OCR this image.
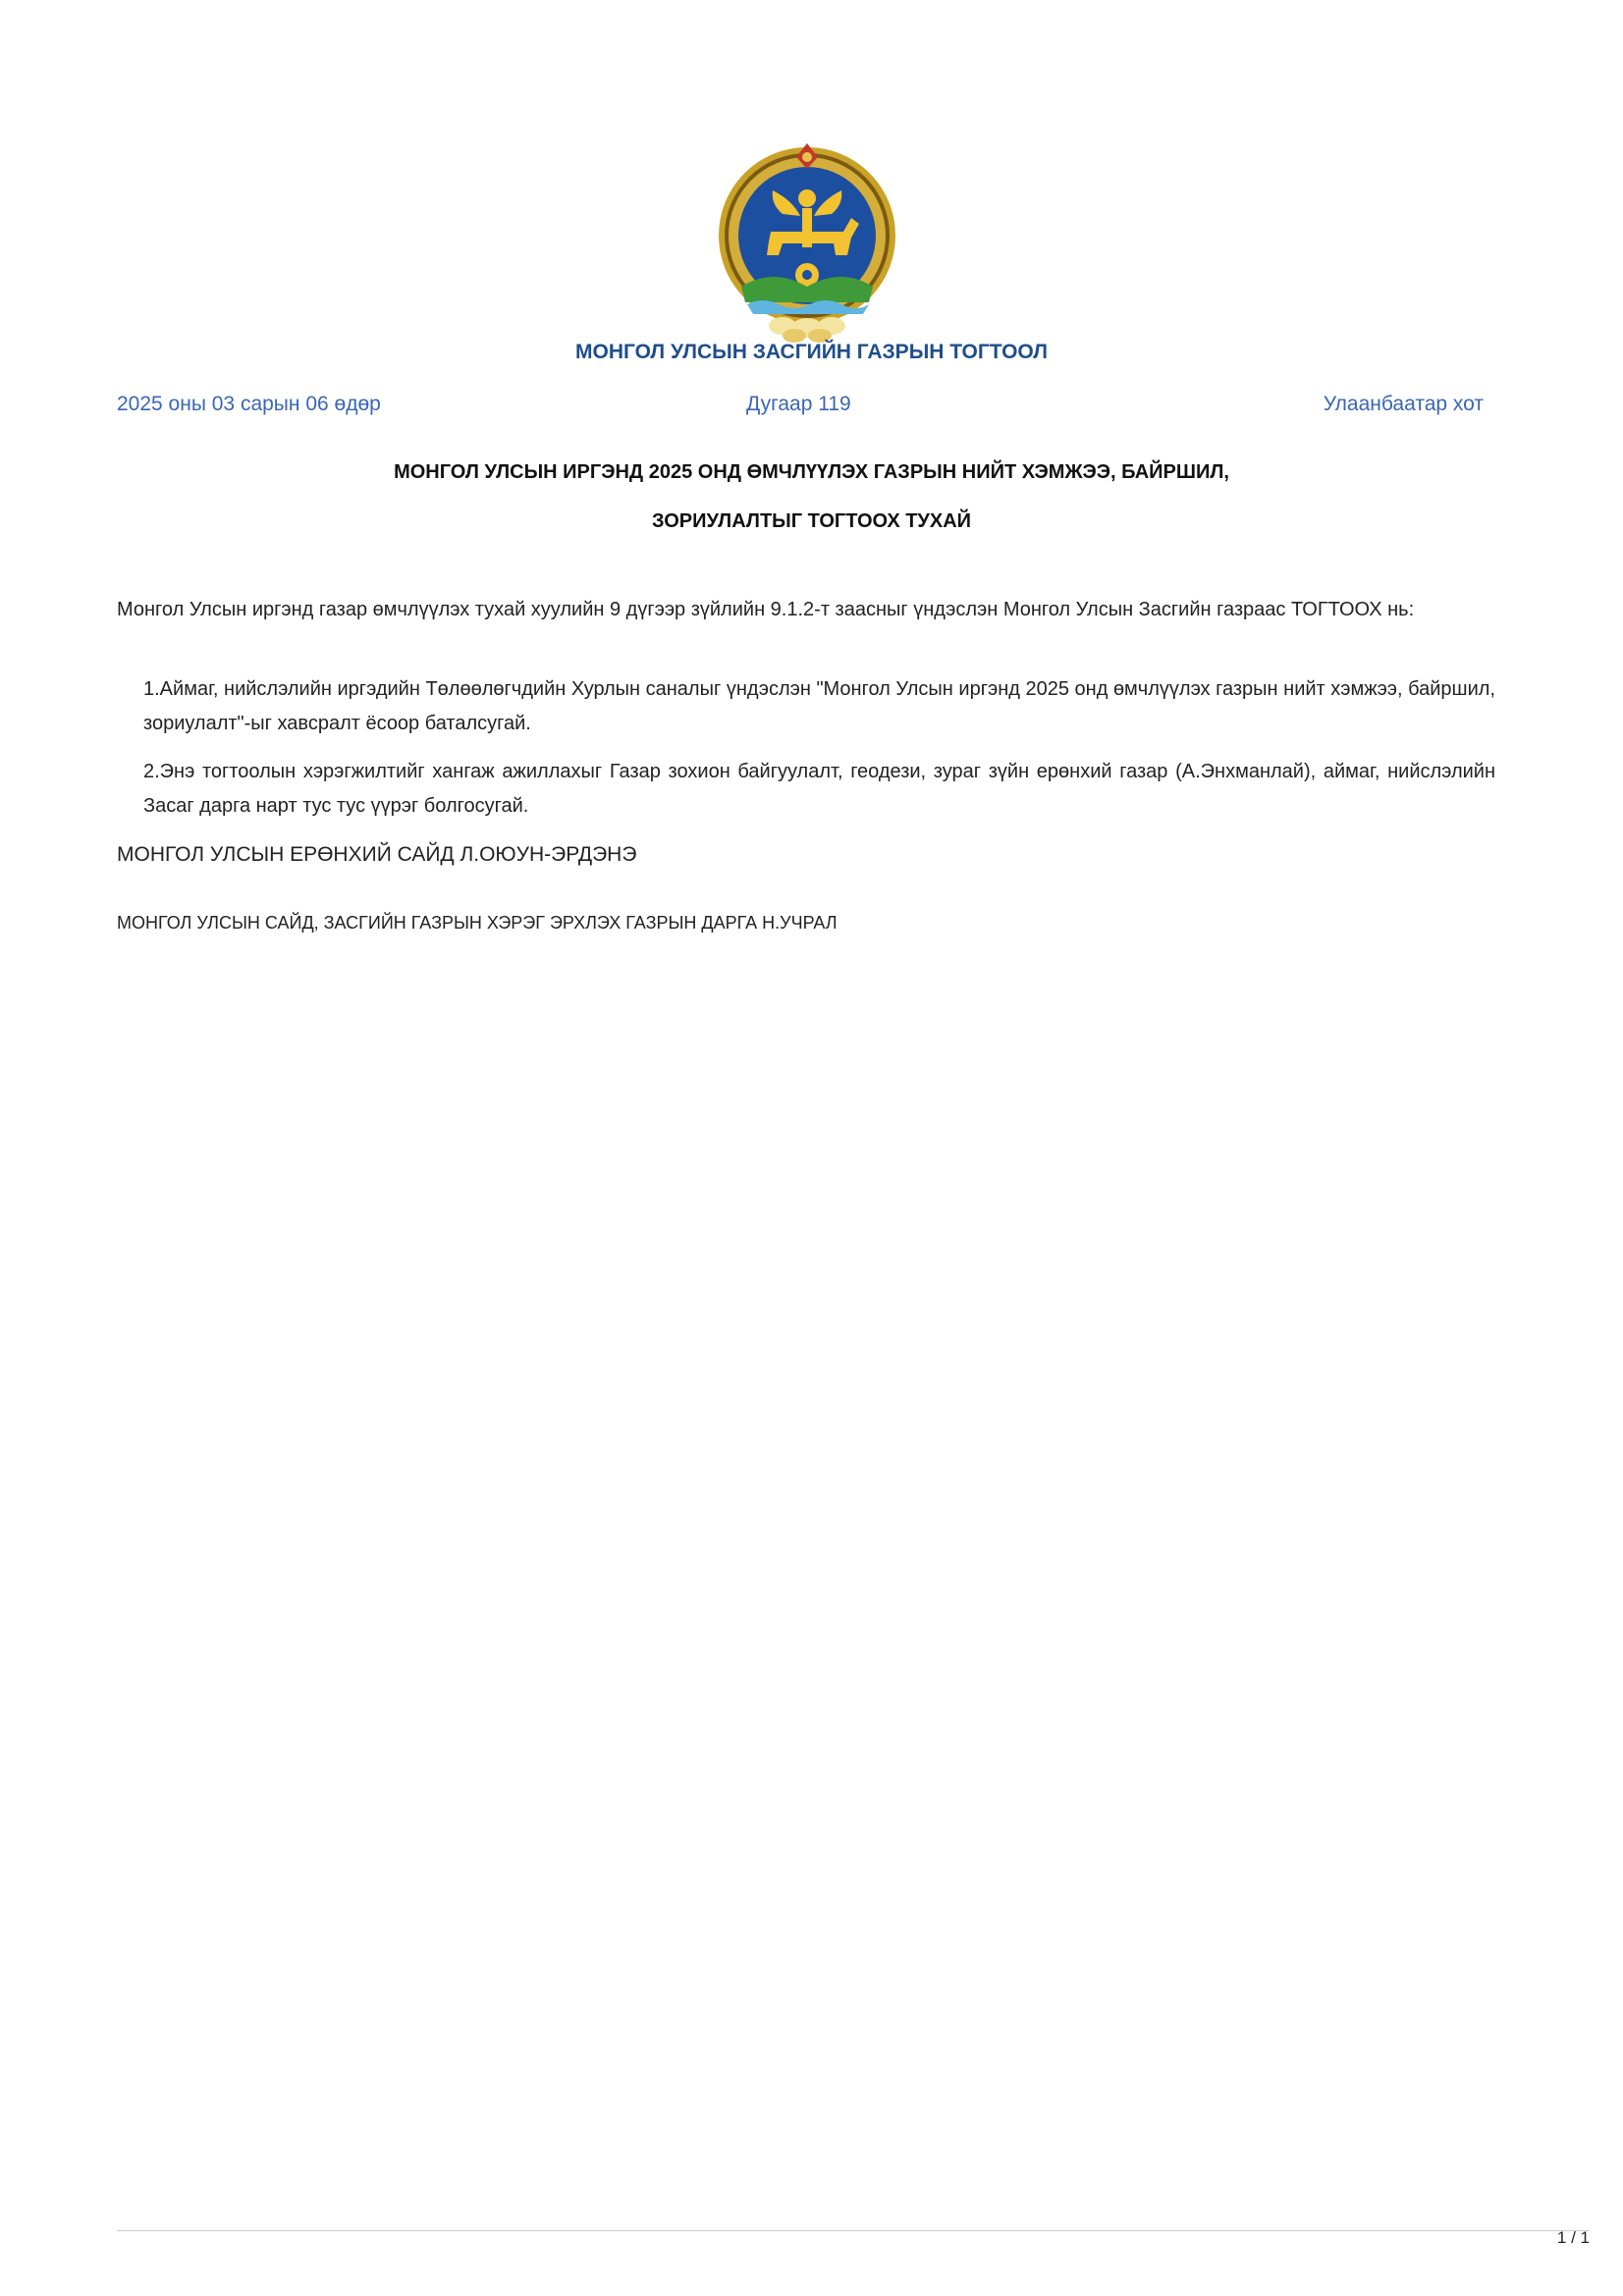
МОНГОЛ УЛСЫН ЗАСГИЙН ГАЗРЫН ТОГТООЛ
2025 оны 03 сарын 06 өдөр	Дугаар 119	Улаанбаатар хот
МОНГОЛ УЛСЫН ИРГЭНД 2025 ОНД ӨМЧЛҮҮЛЭХ ГАЗРЫН НИЙТ ХЭМЖЭЭ, БАЙРШИЛ,
ЗОРИУЛАЛТЫГ ТОГТООХ ТУХАЙ
Монгол Улсын иргэнд газар өмчлүүлэх тухай хуулийн 9 дүгээр зүйлийн 9.1.2-т заасныг үндэслэн Монгол Улсын Засгийн газраас ТОГТООХ нь:
1.Аймаг, нийслэлийн иргэдийн Төлөөлөгчдийн Хурлын саналыг үндэслэн "Монгол Улсын иргэнд 2025 онд өмчлүүлэх газрын нийт хэмжээ, байршил, зориулалт"-ыг хавсралт ёсоор баталсугай.
2.Энэ тогтоолын хэрэгжилтийг хангаж ажиллахыг Газар зохион байгуулалт, геодези, зураг зүйн ерөнхий газар (А.Энхманлай), аймаг, нийслэлийн Засаг дарга нарт тус тус үүрэг болгосугай.
МОНГОЛ УЛСЫН ЕРӨНХИЙ САЙД Л.ОЮУН-ЭРДЭНЭ
МОНГОЛ УЛСЫН САЙД, ЗАСГИЙН ГАЗРЫН ХЭРЭГ ЭРХЛЭХ ГАЗРЫН ДАРГА Н.УЧРАЛ
1 / 1
